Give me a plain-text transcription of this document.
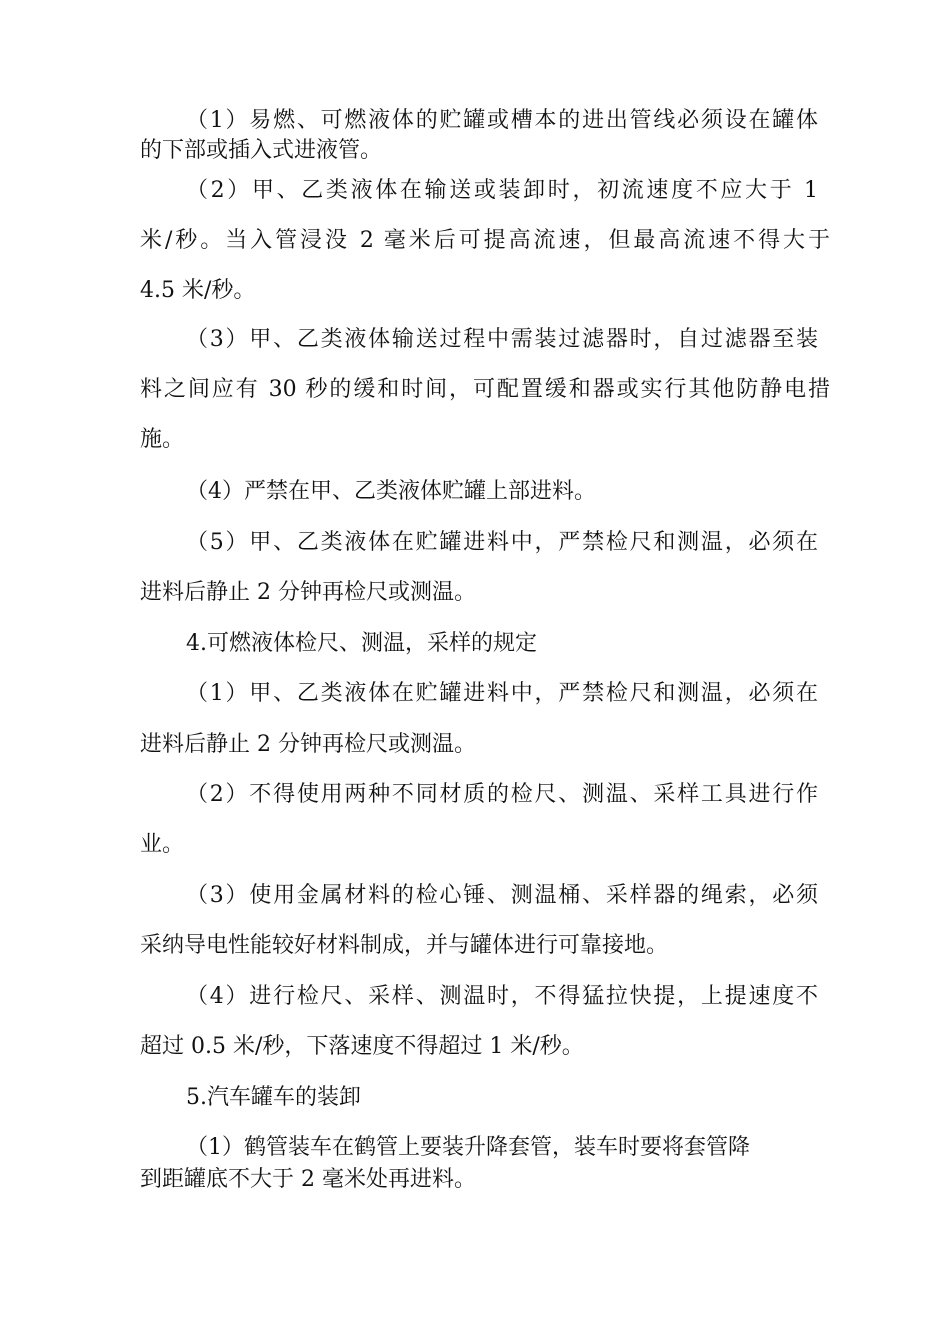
（1）易燃、可燃液体的贮罐或槽本的进出管线必须设在罐体
的下部或插入式进液管。
（2）甲、乙类液体在输送或装卸时，初流速度不应大于 1
米/秒。当入管浸没 2 毫米后可提高流速，但最高流速不得大于
4.5 米/秒。
（3）甲、乙类液体输送过程中需装过滤器时，自过滤器至装
料之间应有 30 秒的缓和时间，可配置缓和器或实行其他防静电措
施。
（4）严禁在甲、乙类液体贮罐上部进料。
（5）甲、乙类液体在贮罐进料中，严禁检尺和测温，必须在
进料后静止 2 分钟再检尺或测温。
4.可燃液体检尺、测温，采样的规定
（1）甲、乙类液体在贮罐进料中，严禁检尺和测温，必须在
进料后静止 2 分钟再检尺或测温。
（2）不得使用两种不同材质的检尺、测温、采样工具进行作
业。
（3）使用金属材料的检心锤、测温桶、采样器的绳索，必须
采纳导电性能较好材料制成，并与罐体进行可靠接地。
（4）进行检尺、采样、测温时，不得猛拉快提，上提速度不
超过 0.5 米/秒，下落速度不得超过 1 米/秒。
5.汽车罐车的装卸
（1）鹤管装车在鹤管上要装升降套管，装车时要将套管降
到距罐底不大于 2 毫米处再进料。
